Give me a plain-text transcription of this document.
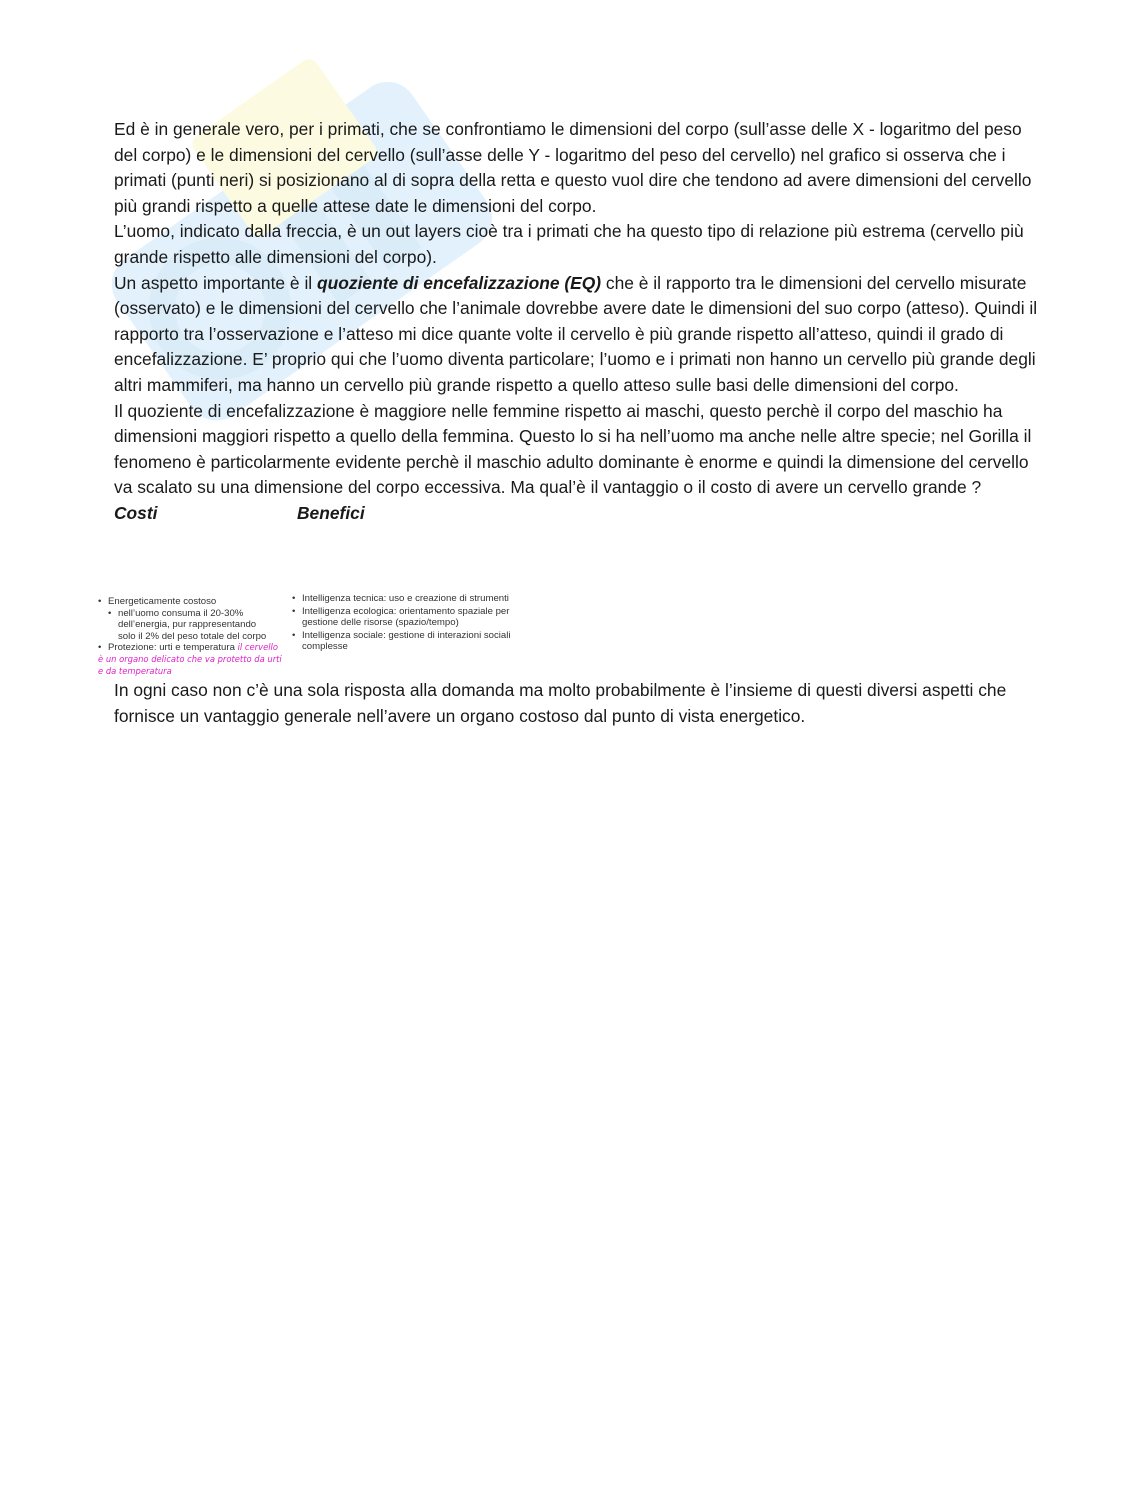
Ed è in generale vero, per i primati, che se confrontiamo le dimensioni del corpo (sull’asse delle X - logaritmo del peso del corpo) e le dimensioni del cervello (sull’asse delle Y - logaritmo del peso del cervello) nel grafico si osserva che i primati (punti neri) si posizionano al di sopra della retta e questo vuol dire che tendono ad avere dimensioni del cervello più grandi rispetto a quelle attese date le dimensioni del corpo.

L’uomo, indicato dalla freccia, è un out layers cioè tra i primati che ha questo tipo di relazione più estrema (cervello più grande rispetto alle dimensioni del corpo).

Un aspetto importante è il quoziente di encefalizzazione (EQ) che è il rapporto tra le dimensioni del cervello misurate (osservato) e le dimensioni del cervello che l’animale dovrebbe avere date le dimensioni del suo corpo (atteso). Quindi il rapporto tra l’osservazione e l’atteso mi dice quante volte il cervello è più grande rispetto all’atteso, quindi il grado di encefalizzazione. E’ proprio qui che l’uomo diventa particolare; l’uomo e i primati non hanno un cervello più grande degli altri mammiferi, ma hanno un cervello più grande rispetto a quello atteso sulle basi delle dimensioni del corpo.

Il quoziente di encefalizzazione è maggiore nelle femmine rispetto ai maschi, questo perchè il corpo del maschio ha dimensioni maggiori rispetto a quello della femmina. Questo lo si ha nell’uomo ma anche nelle altre specie; nel Gorilla il fenomeno è particolarmente evidente perchè il maschio adulto dominante è enorme e quindi la dimensione del cervello va scalato su una dimensione del corpo eccessiva. Ma qual’è il vantaggio o il costo di avere un cervello grande ?

Costi	Benefici
• Energeticamente costoso
• nell’uomo consuma il 20-30%
dell’energia, pur rappresentando
solo il 2% del peso totale del corpo
• Protezione: urti e temperatura il cervello
è un organo delicato che va protetto da urti e da temperatura
• Intelligenza tecnica: uso e creazione di strumenti
• Intelligenza ecologica: orientamento spaziale per
gestione delle risorse (spazio/tempo)
• Intelligenza sociale: gestione di interazioni sociali
complesse

In ogni caso non c’è una sola risposta alla domanda ma molto probabilmente è l’insieme di questi diversi aspetti che fornisce un vantaggio generale nell’avere un organo costoso dal punto di vista energetico.
